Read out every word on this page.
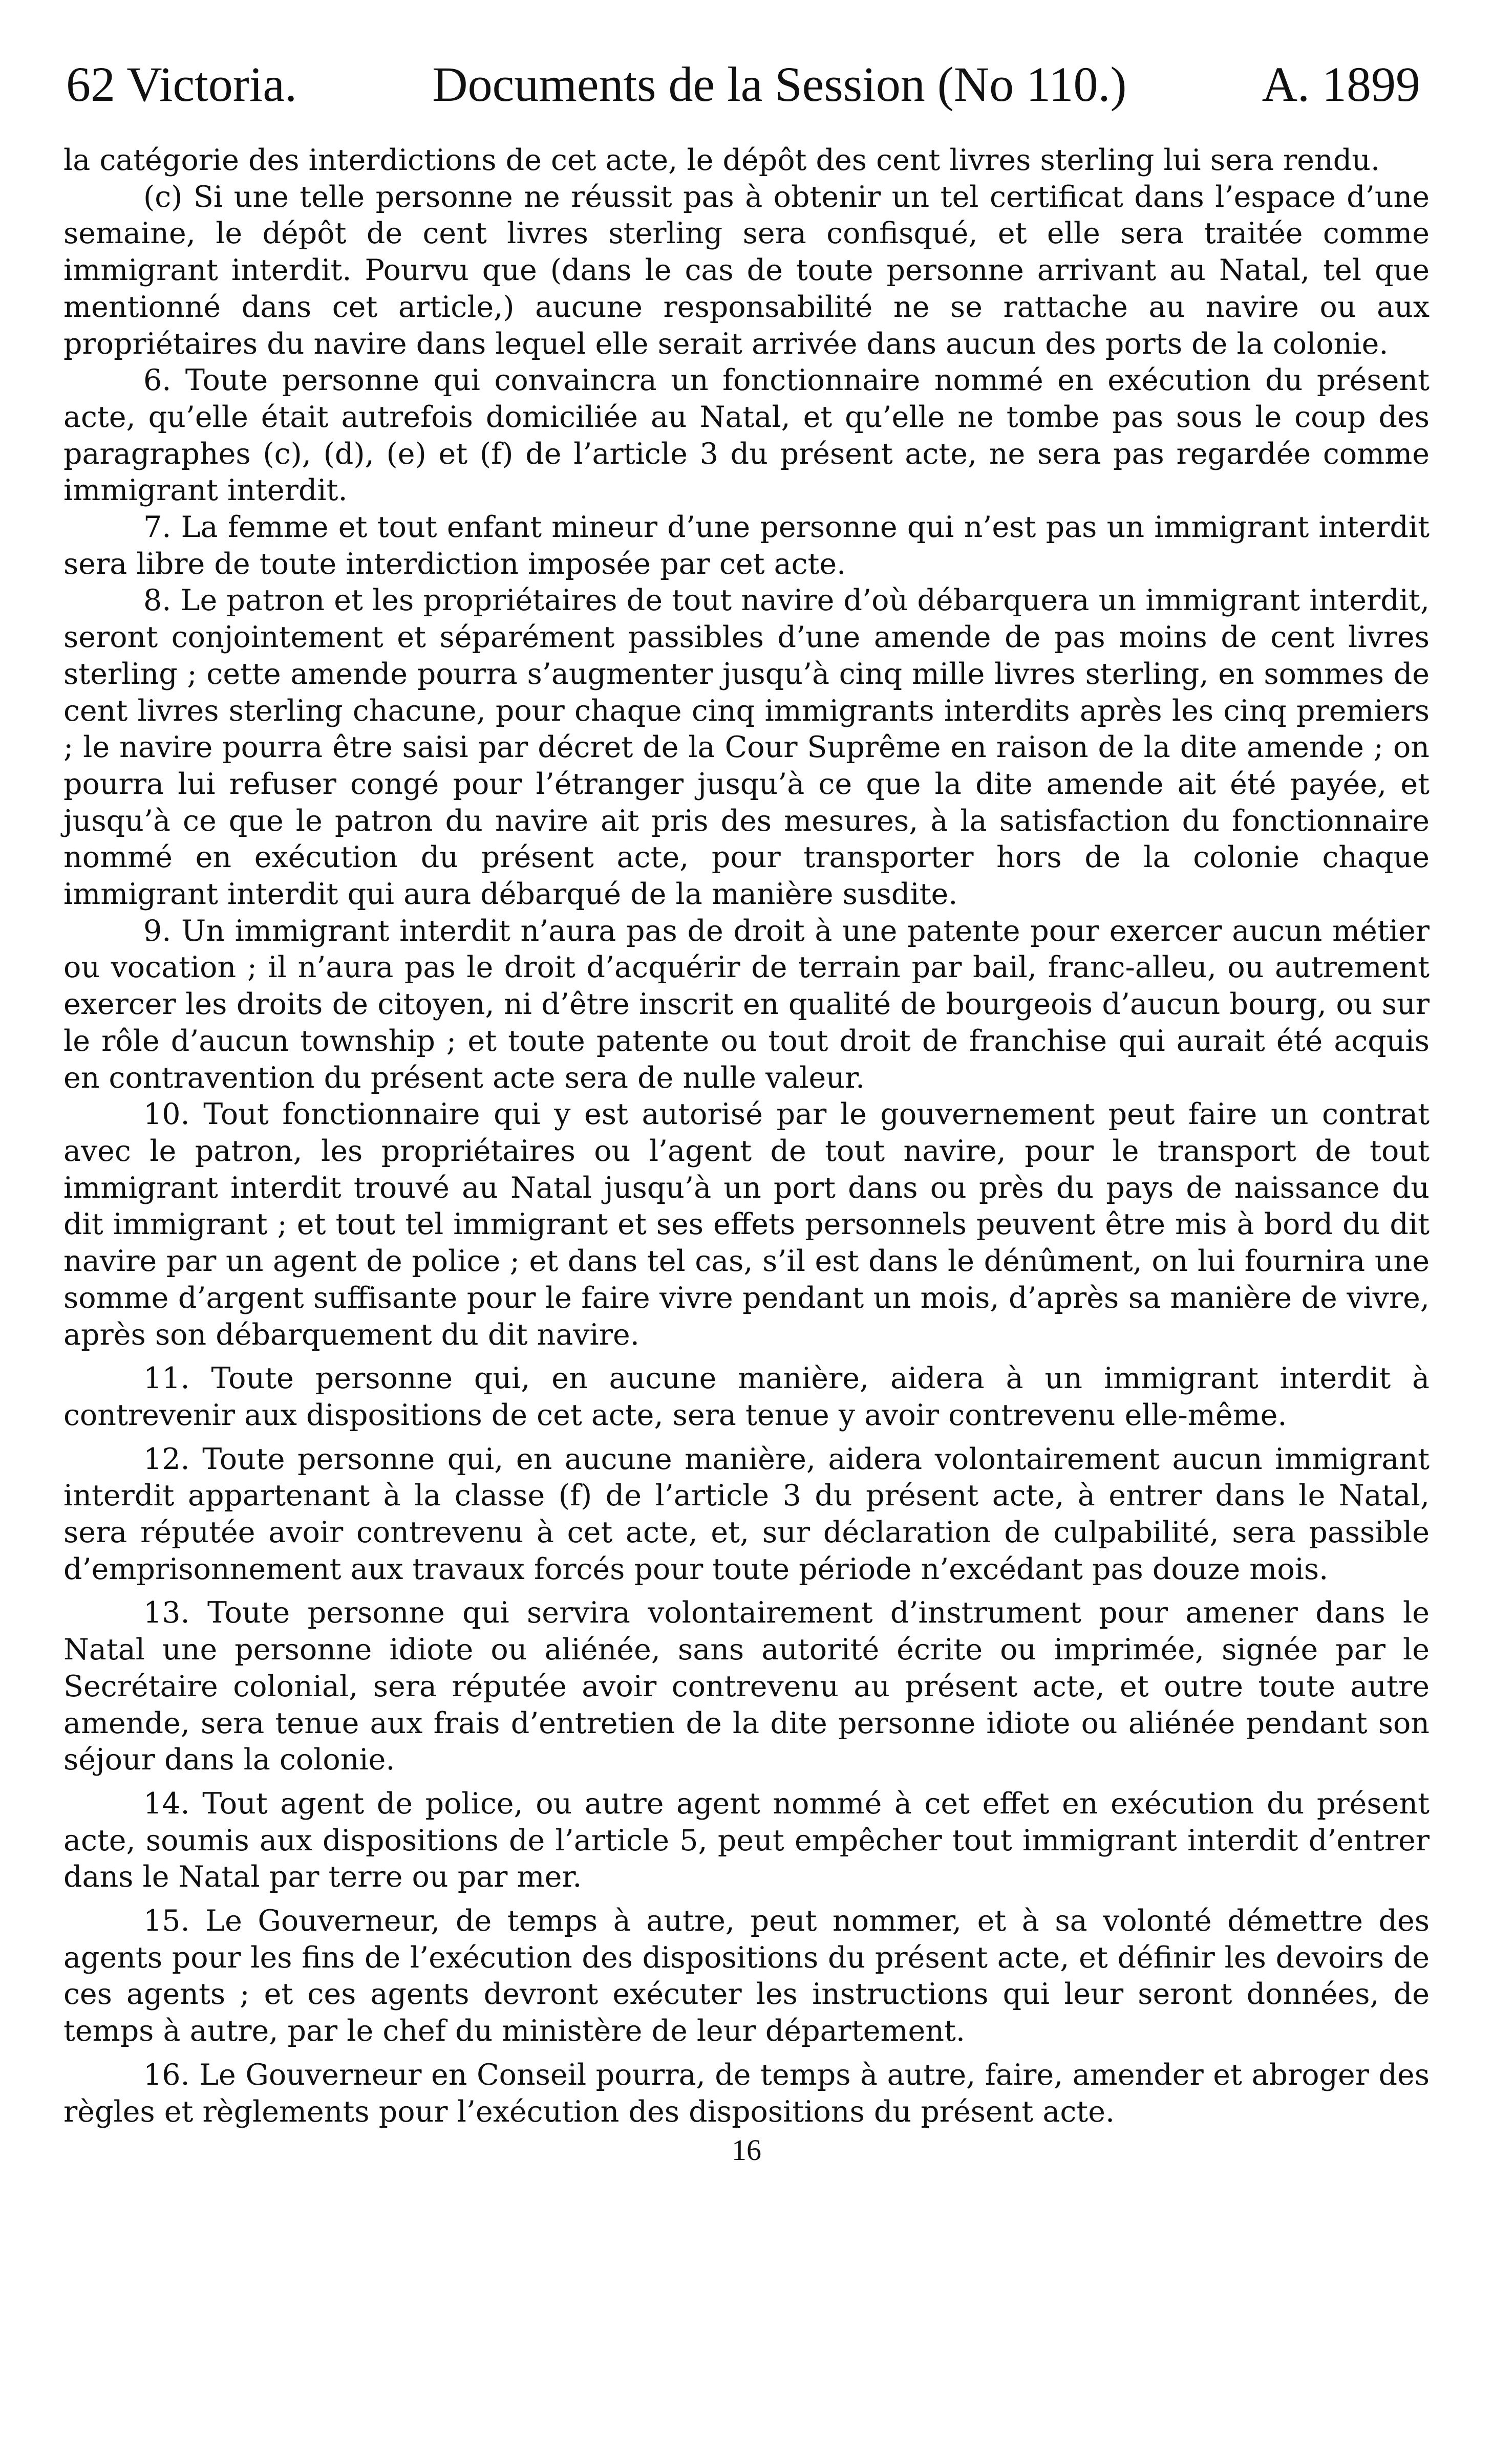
62 Victoria.	Documents de la Session (No 110.)	A. 1899

la catégorie des interdictions de cet acte, le dépôt des cent livres sterling lui sera rendu.

(c) Si une telle personne ne réussit pas à obtenir un tel certificat dans l’espace d’une semaine, le dépôt de cent livres sterling sera confisqué, et elle sera traitée comme immigrant interdit. Pourvu que (dans le cas de toute personne arrivant au Natal, tel que mentionné dans cet article,) aucune responsabilité ne se rattache au navire ou aux propriétaires du navire dans lequel elle serait arrivée dans aucun des ports de la colonie.

6. Toute personne qui convaincra un fonctionnaire nommé en exécution du présent acte, qu’elle était autrefois domiciliée au Natal, et qu’elle ne tombe pas sous le coup des paragraphes (c), (d), (e) et (f) de l’article 3 du présent acte, ne sera pas regardée comme immigrant interdit.

7. La femme et tout enfant mineur d’une personne qui n’est pas un immigrant interdit sera libre de toute interdiction imposée par cet acte.

8. Le patron et les propriétaires de tout navire d’où débarquera un immigrant interdit, seront conjointement et séparément passibles d’une amende de pas moins de cent livres sterling ; cette amende pourra s’augmenter jusqu’à cinq mille livres sterling, en sommes de cent livres sterling chacune, pour chaque cinq immigrants interdits après les cinq premiers ; le navire pourra être saisi par décret de la Cour Suprême en raison de la dite amende ; on pourra lui refuser congé pour l’étranger jusqu’à ce que la dite amende ait été payée, et jusqu’à ce que le patron du navire ait pris des mesures, à la satisfaction du fonctionnaire nommé en exécution du présent acte, pour transporter hors de la colonie chaque immigrant interdit qui aura débarqué de la manière susdite.

9. Un immigrant interdit n’aura pas de droit à une patente pour exercer aucun métier ou vocation ; il n’aura pas le droit d’acquérir de terrain par bail, franc-alleu, ou autrement exercer les droits de citoyen, ni d’être inscrit en qualité de bourgeois d’aucun bourg, ou sur le rôle d’aucun township ; et toute patente ou tout droit de franchise qui aurait été acquis en contravention du présent acte sera de nulle valeur.

10. Tout fonctionnaire qui y est autorisé par le gouvernement peut faire un contrat avec le patron, les propriétaires ou l’agent de tout navire, pour le transport de tout immigrant interdit trouvé au Natal jusqu’à un port dans ou près du pays de naissance du dit immigrant ; et tout tel immigrant et ses effets personnels peuvent être mis à bord du dit navire par un agent de police ; et dans tel cas, s’il est dans le dénûment, on lui fournira une somme d’argent suffisante pour le faire vivre pendant un mois, d’après sa manière de vivre, après son débarquement du dit navire.

11. Toute personne qui, en aucune manière, aidera à un immigrant interdit à contrevenir aux dispositions de cet acte, sera tenue y avoir contrevenu elle-même.

12. Toute personne qui, en aucune manière, aidera volontairement aucun immigrant interdit appartenant à la classe (f) de l’article 3 du présent acte, à entrer dans le Natal, sera réputée avoir contrevenu à cet acte, et, sur déclaration de culpabilité, sera passible d’emprisonnement aux travaux forcés pour toute période n’excédant pas douze mois.

13. Toute personne qui servira volontairement d’instrument pour amener dans le Natal une personne idiote ou aliénée, sans autorité écrite ou imprimée, signée par le Secrétaire colonial, sera réputée avoir contrevenu au présent acte, et outre toute autre amende, sera tenue aux frais d’entretien de la dite personne idiote ou aliénée pendant son séjour dans la colonie.

14. Tout agent de police, ou autre agent nommé à cet effet en exécution du présent acte, soumis aux dispositions de l’article 5, peut empêcher tout immigrant interdit d’entrer dans le Natal par terre ou par mer.

15. Le Gouverneur, de temps à autre, peut nommer, et à sa volonté démettre des agents pour les fins de l’exécution des dispositions du présent acte, et définir les devoirs de ces agents ; et ces agents devront exécuter les instructions qui leur seront données, de temps à autre, par le chef du ministère de leur département.

16. Le Gouverneur en Conseil pourra, de temps à autre, faire, amender et abroger des règles et règlements pour l’exécution des dispositions du présent acte.

16
